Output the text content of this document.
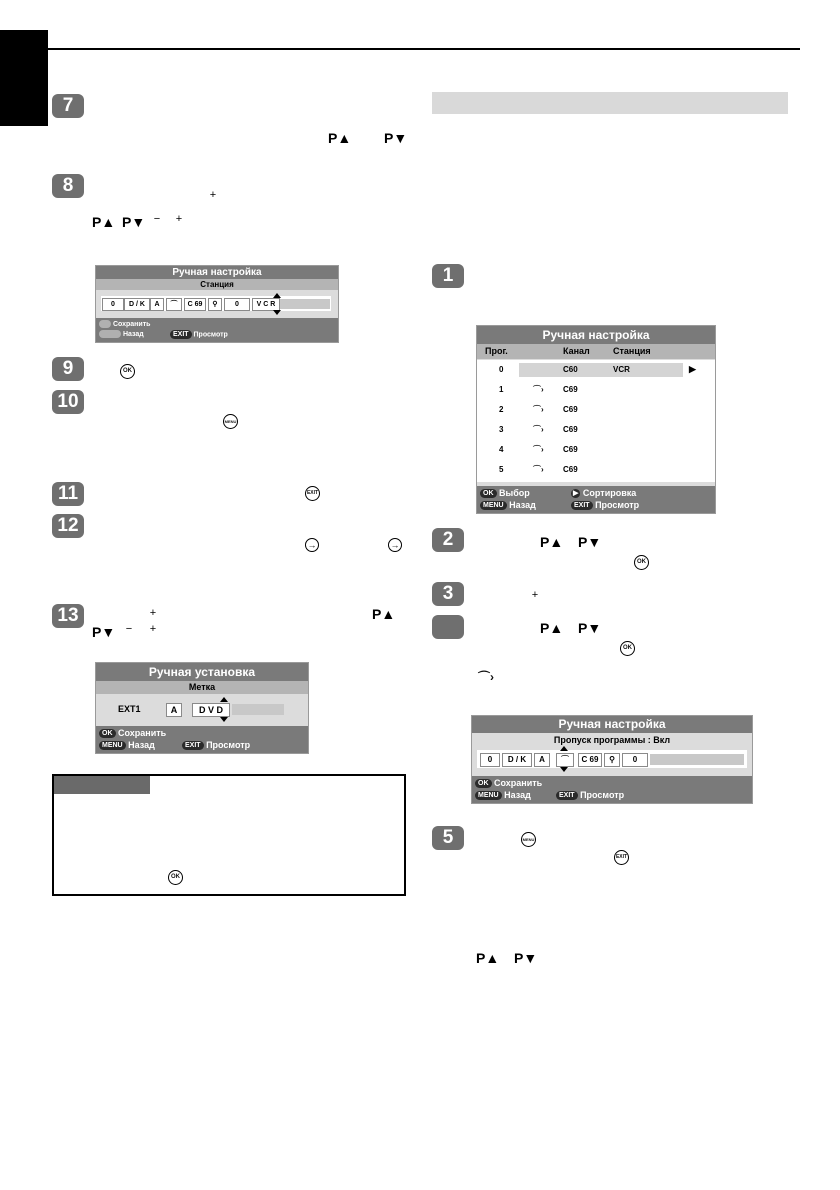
7
P▲ P▼
8	+
P▲ P▼ − +
Ручная настройка
Станция
0	D / K	A	⌒	C 69	⚲	0	V C R
Сохранить
Назад	EXIT Просмотр
9	OK
10
MENU
11	EXIT
12
→	→
13	+	P▲
P▼ − +
Ручная установка
Метка
EXT1	A	D V D
OK Сохранить
MENU Назад	EXIT Просмотр
OK
1
Ручная настройка
Прог.	Канал	Станция
0	C60	VCR	▶
1	⌒› C69
2	⌒› C69
3	⌒› C69
4	⌒› C69
5	⌒› C69
OK Выбор	▶ Сортировка
MENU Назад	EXIT Просмотр
2	P▲ P▼
OK
3	+
P▲ P▼
OK
⌒›
Ручная настройка
Пропуск программы : Вкл
0	D / K	A	⌒	C 69	⚲	0
OK Сохранить
MENU Назад	EXIT Просмотр
5	MENU
EXIT
P▲ P▼
